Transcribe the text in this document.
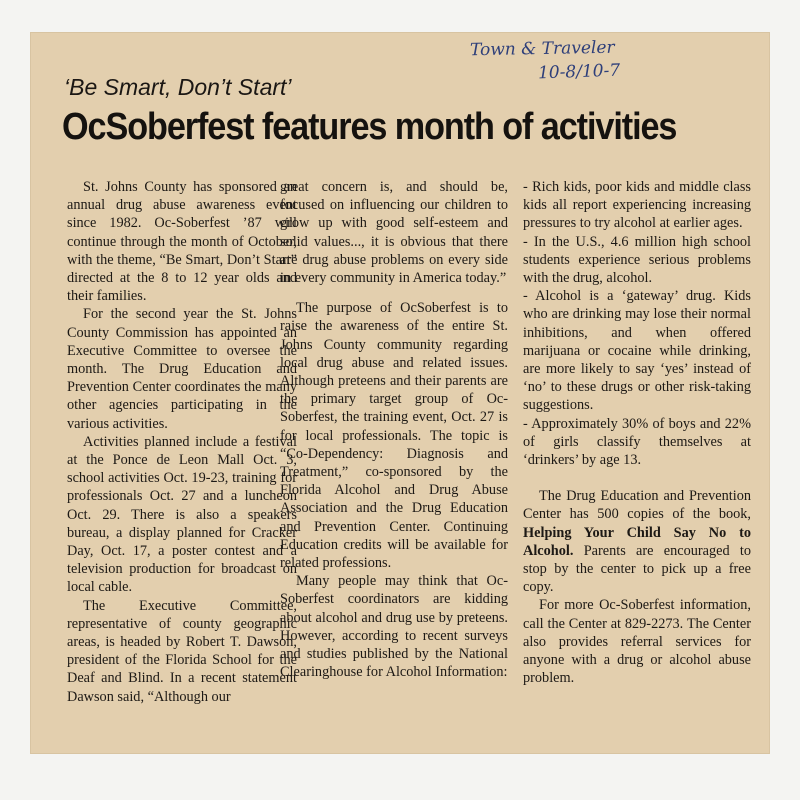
Town & Traveler
10-8/10-7
‘Be Smart, Don’t Start’
OcSoberfest features month of activities

St. Johns County has sponsored an annual drug abuse awareness event since 1982. Oc-Soberfest ’87 will continue through the month of October, with the theme, “Be Smart, Don’t Start” directed at the 8 to 12 year olds and their families.

For the second year the St. Johns County Commission has appointed an Executive Committee to oversee the month. The Drug Education and Prevention Center coordinates the many other agencies participating in the various activities.

Activities planned include a festival at the Ponce de Leon Mall Oct. 3, school activities Oct. 19-23, training for professionals Oct. 27 and a luncheon Oct. 29. There is also a speakers bureau, a display planned for Cracker Day, Oct. 17, a poster contest and a television production for broadcast on local cable.

The Executive Committee, representative of county geographic areas, is headed by Robert T. Dawson, president of the Florida School for the Deaf and Blind. In a recent statement Dawson said, “Although our

great concern is, and should be, focused on influencing our children to grow up with good self-esteem and solid values..., it is obvious that there are drug abuse problems on every side in every community in America today.”

The purpose of OcSoberfest is to raise the awareness of the entire St. Johns County community regarding local drug abuse and related issues. Although preteens and their parents are the primary target group of Oc-Soberfest, the training event, Oct. 27 is for local professionals. The topic is “Co-Dependency: Diagnosis and Treatment,” co-sponsored by the Florida Alcohol and Drug Abuse Association and the Drug Education and Prevention Center. Continuing Education credits will be available for related professions.

Many people may think that Oc-Soberfest coordinators are kidding about alcohol and drug use by preteens. However, according to recent surveys and studies published by the National Clearinghouse for Alcohol Information:

- Rich kids, poor kids and middle class kids all report experiencing increasing pressures to try alcohol at earlier ages.

- In the U.S., 4.6 million high school students experience serious problems with the drug, alcohol.

- Alcohol is a ‘gateway’ drug. Kids who are drinking may lose their normal inhibitions, and when offered marijuana or cocaine while drinking, are more likely to say ‘yes’ instead of ‘no’ to these drugs or other risk-taking suggestions.

- Approximately 30% of boys and 22% of girls classify themselves at ‘drinkers’ by age 13.

The Drug Education and Prevention Center has 500 copies of the book, Helping Your Child Say No to Alcohol. Parents are encouraged to stop by the center to pick up a free copy.

For more Oc-Soberfest information, call the Center at 829-2273. The Center also provides referral services for anyone with a drug or alcohol abuse problem.
